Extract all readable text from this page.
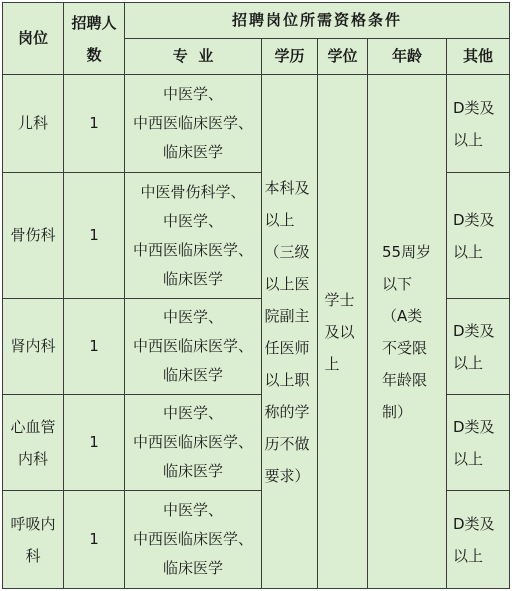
岗位	招聘人数	招聘岗位所需资格条件				
		专  业	学历	学位	年龄	其他
儿科	1	中医学、
中西医临床医学、
临床医学	本科及以上（三级以上医院副主任医师以上职称的学历不做要求）	学士及以上	55周岁以下（A类不受限年龄限制）	D类及以上
骨伤科	1	中医骨伤科学、
中医学、
中西医临床医学、
临床医学				D类及以上
肾内科	1	中医学、
中西医临床医学、
临床医学				D类及以上
心血管内科	1	中医学、
中西医临床医学、
临床医学				D类及以上
呼吸内科	1	中医学、
中西医临床医学、
临床医学				D类及以上
